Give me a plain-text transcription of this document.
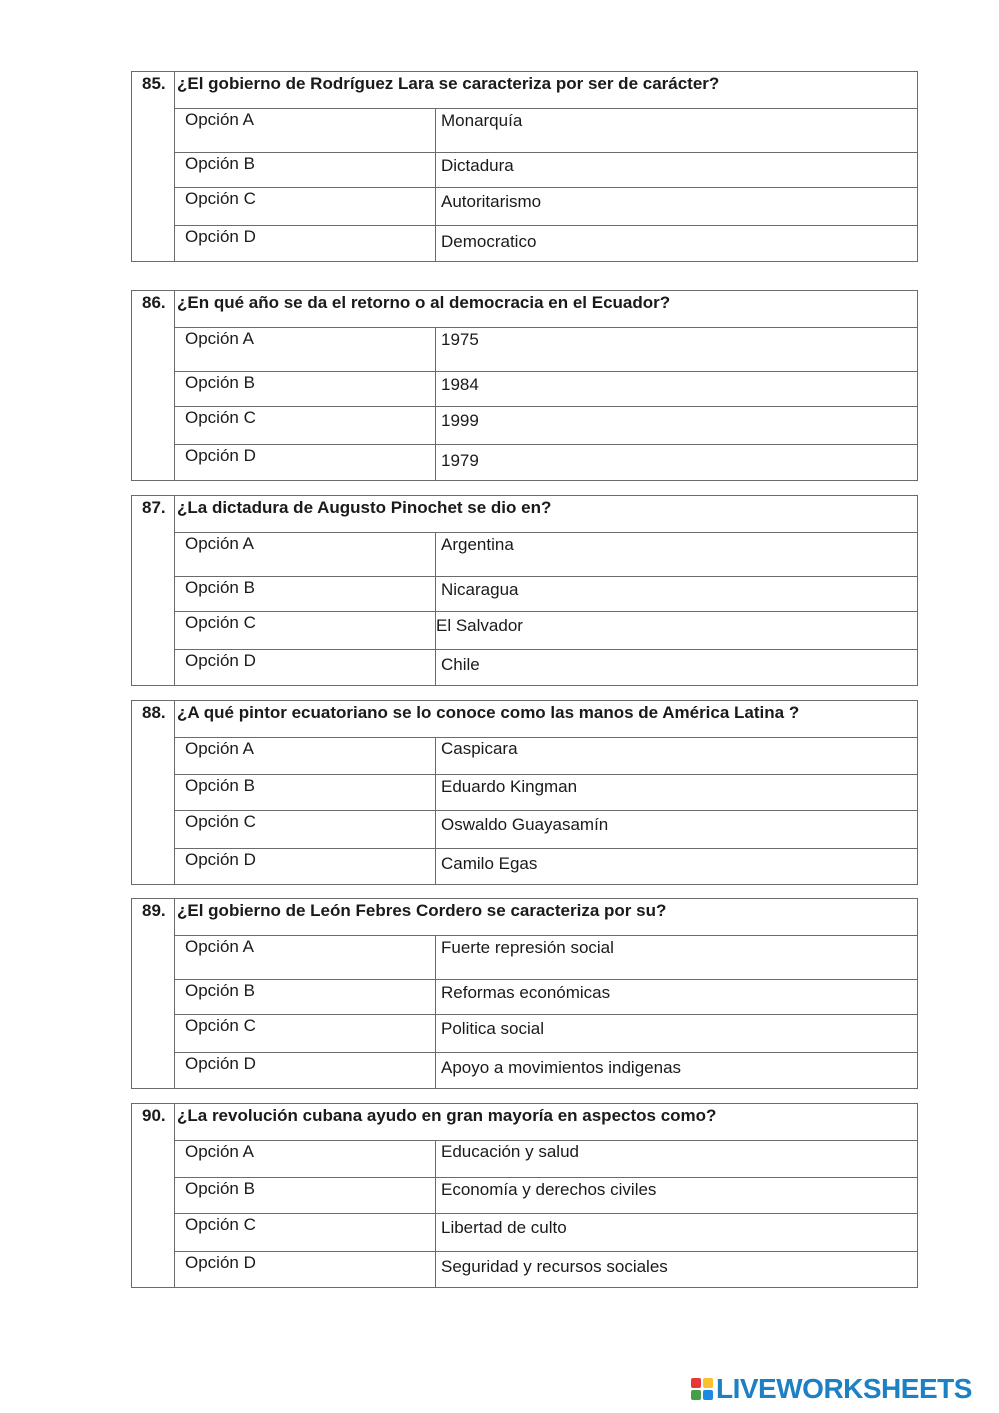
85. ¿El gobierno de Rodríguez Lara se caracteriza por ser de carácter?
Opción A	Monarquía
Opción B	Dictadura
Opción C	Autoritarismo
Opción D	Democratico
86. ¿En qué año se da el retorno o al democracia en el Ecuador?
Opción A	1975
Opción B	1984
Opción C	1999
Opción D	1979
87. ¿La dictadura de Augusto Pinochet se dio en?
Opción A	Argentina
Opción B	Nicaragua
Opción C	El Salvador
Opción D	Chile
88. ¿A qué pintor ecuatoriano se lo conoce como las manos de América Latina ?
Opción A	Caspicara
Opción B	Eduardo Kingman
Opción C	Oswaldo Guayasamín
Opción D	Camilo Egas
89. ¿El gobierno de León Febres Cordero se caracteriza por su?
Opción A	Fuerte represión social
Opción B	Reformas económicas
Opción C	Politica social
Opción D	Apoyo a movimientos indigenas
90. ¿La revolución cubana ayudo en gran mayoría en aspectos como?
Opción A	Educación y salud
Opción B	Economía y derechos civiles
Opción C	Libertad de culto
Opción D	Seguridad y recursos sociales
LIVEWORKSHEETS
